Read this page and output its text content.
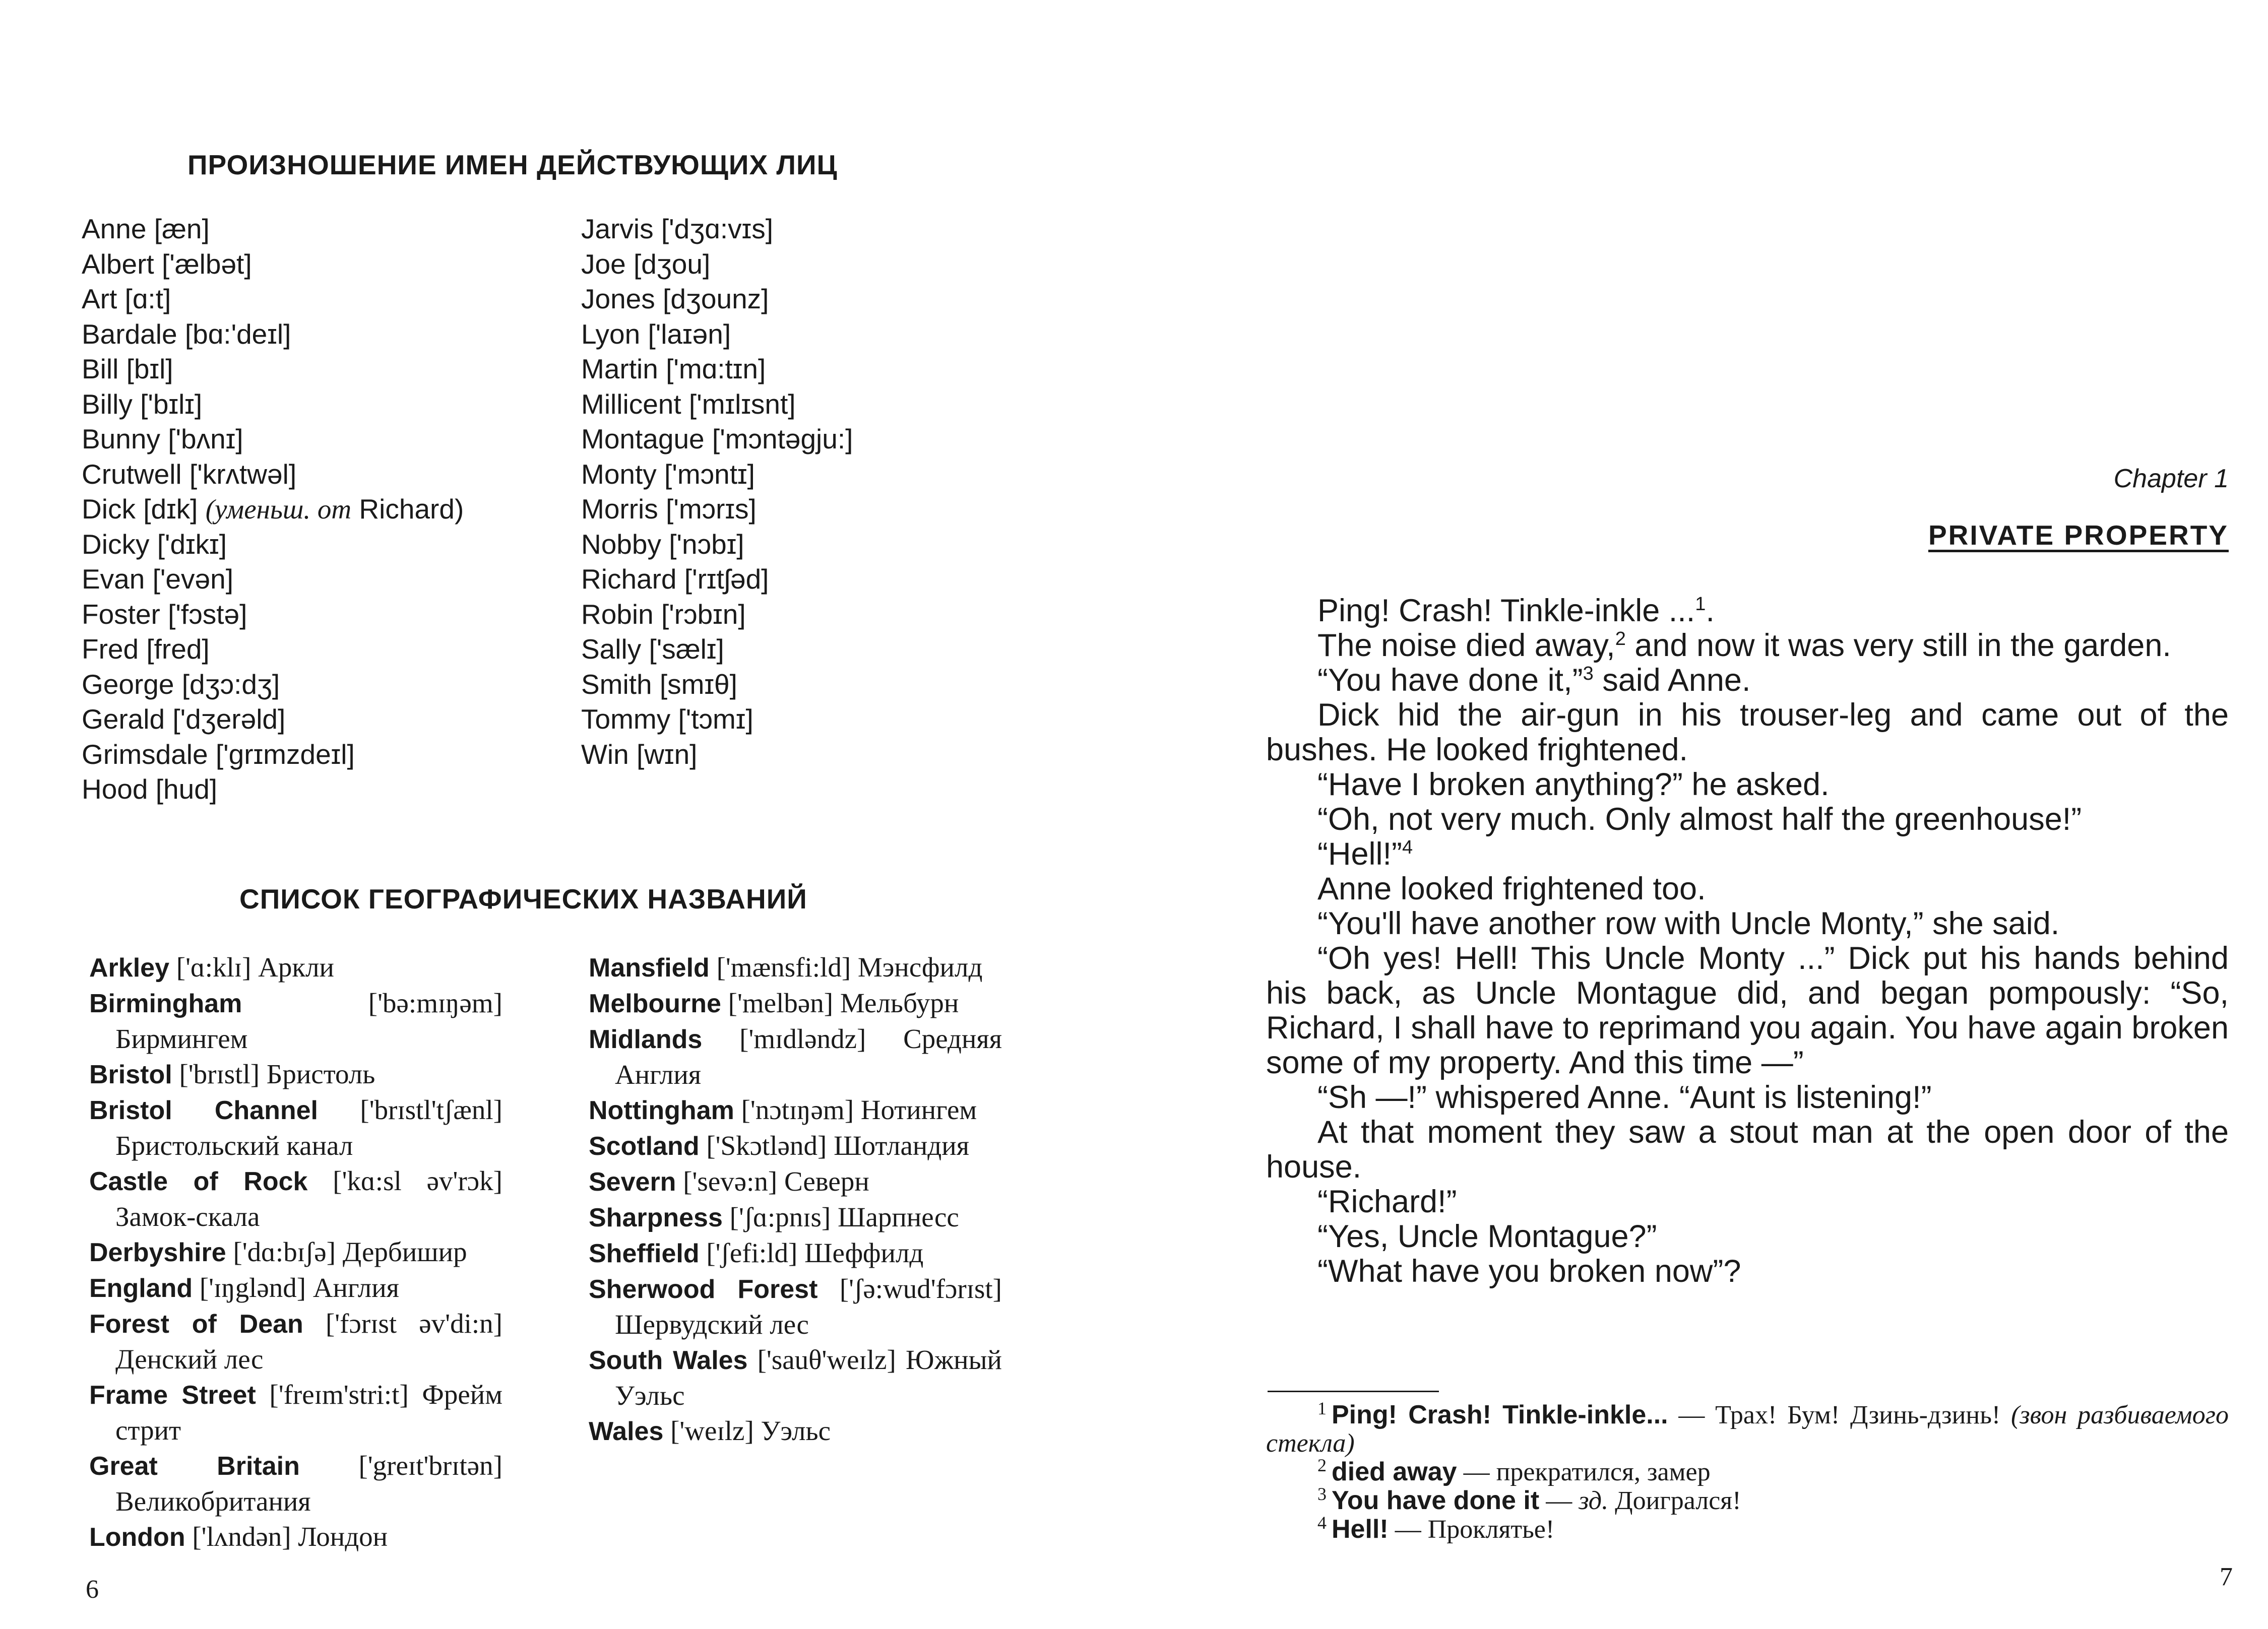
ПРОИЗНОШЕНИЕ ИМЕН ДЕЙСТВУЮЩИХ ЛИЦ
Anne [æn]
Albert ['ælbət]
Art [ɑ:t]
Bardale [bɑ:'deɪl]
Bill [bɪl]
Billy ['bɪlɪ]
Bunny ['bʌnɪ]
Crutwell ['krʌtwəl]
Dick [dɪk] (уменьш. от Richard)
Dicky ['dɪkɪ]
Evan ['evən]
Foster ['fɔstə]
Fred [fred]
George [dʒɔ:dʒ]
Gerald ['dʒerəld]
Grimsdale ['grɪmzdeɪl]
Hood [hud]
Jarvis ['dʒɑ:vɪs]
Joe [dʒou]
Jones [dʒounz]
Lyon ['laɪən]
Martin ['mɑ:tɪn]
Millicent ['mɪlɪsnt]
Montague ['mɔntəgju:]
Monty ['mɔntɪ]
Morris ['mɔrɪs]
Nobby ['nɔbɪ]
Richard ['rɪtʃəd]
Robin ['rɔbɪn]
Sally ['sælɪ]
Smith [smɪθ]
Tommy ['tɔmɪ]
Win [wɪn]
СПИСОК ГЕОГРАФИЧЕСКИХ НАЗВАНИЙ
Arkley ['ɑ:klɪ] Аркли
Birmingham ['bə:mɪŋəm] Бирмингем
Bristol ['brɪstl] Бристоль
Bristol Channel ['brɪstl'tʃænl] Бристольский канал
Castle of Rock ['kɑ:sl əv'rɔk] Замок-скала
Derbyshire ['dɑ:bɪʃə] Дербишир
England ['ɪŋglənd] Англия
Forest of Dean ['fɔrɪst əv'di:n] Денский лес
Frame Street ['freɪm'stri:t] Фрейм стрит
Great Britain ['greɪt'brɪtən] Великобритания
London ['lʌndən] Лондон
Mansfield ['mænsfi:ld] Мэнсфилд
Melbourne ['melbən] Мельбурн
Midlands ['mɪdləndz] Средняя Англия
Nottingham ['nɔtɪŋəm] Нотингем
Scotland ['Skɔtlənd] Шотландия
Severn ['sevə:n] Северн
Sharpness ['ʃɑ:pnɪs] Шарпнесс
Sheffield ['ʃefi:ld] Шеффилд
Sherwood Forest ['ʃə:wud'fɔrɪst] Шервудский лес
South Wales ['sauθ'weɪlz] Южный Уэльс
Wales ['weɪlz] Уэльс
6
Chapter 1
PRIVATE PROPERTY

Ping! Crash! Tinkle-inkle ...$^1$.

The noise died away,$^2$ and now it was very still in the garden.

“You have done it,”$^3$ said Anne.

Dick hid the air-gun in his trouser-leg and came out of the bushes. He looked frightened.

“Have I broken anything?” he asked.

“Oh, not very much. Only almost half the greenhouse!”

“Hell!”$^4$

Anne looked frightened too.

“You'll have another row with Uncle Monty,” she said.

“Oh yes! Hell! This Uncle Monty ...” Dick put his hands behind his back, as Uncle Montague did, and began pompously: “So, Richard, I shall have to reprimand you again. You have again broken some of my property. And this time —”

“Sh —!” whispered Anne. “Aunt is listening!”

At that moment they saw a stout man at the open door of the house.

“Richard!”

“Yes, Uncle Montague?”

“What have you broken now”?

$^1$ Ping! Crash! Tinkle-inkle... — Трах! Бум! Дзинь-дзинь! (звон разбиваемого стекла)
$^2$ died away — прекратился, замер
$^3$ You have done it — зд. Доигрался!
$^4$ Hell! — Проклятье!
7
